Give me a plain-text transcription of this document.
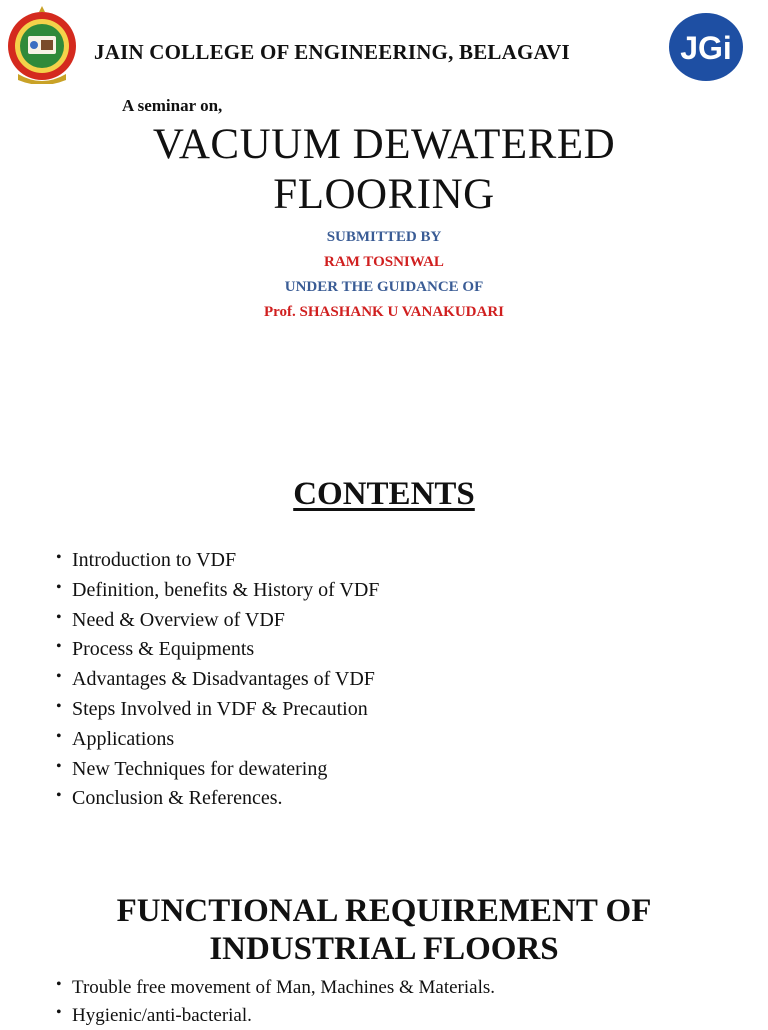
JAIN COLLEGE OF ENGINEERING, BELAGAVI	JGi
A seminar on,
VACUUM DEWATERED
FLOORING
SUBMITTED BY
RAM TOSNIWAL
UNDER THE GUIDANCE OF
Prof. SHASHANK U VANAKUDARI
CONTENTS
• Introduction to VDF
• Definition, benefits & History of VDF
• Need & Overview of VDF
• Process & Equipments
• Advantages & Disadvantages of VDF
• Steps Involved in VDF & Precaution
• Applications
• New Techniques for dewatering
• Conclusion & References.
FUNCTIONAL REQUIREMENT OF
INDUSTRIAL FLOORS
• Trouble free movement of Man, Machines & Materials.
• Hygienic/anti-bacterial.
